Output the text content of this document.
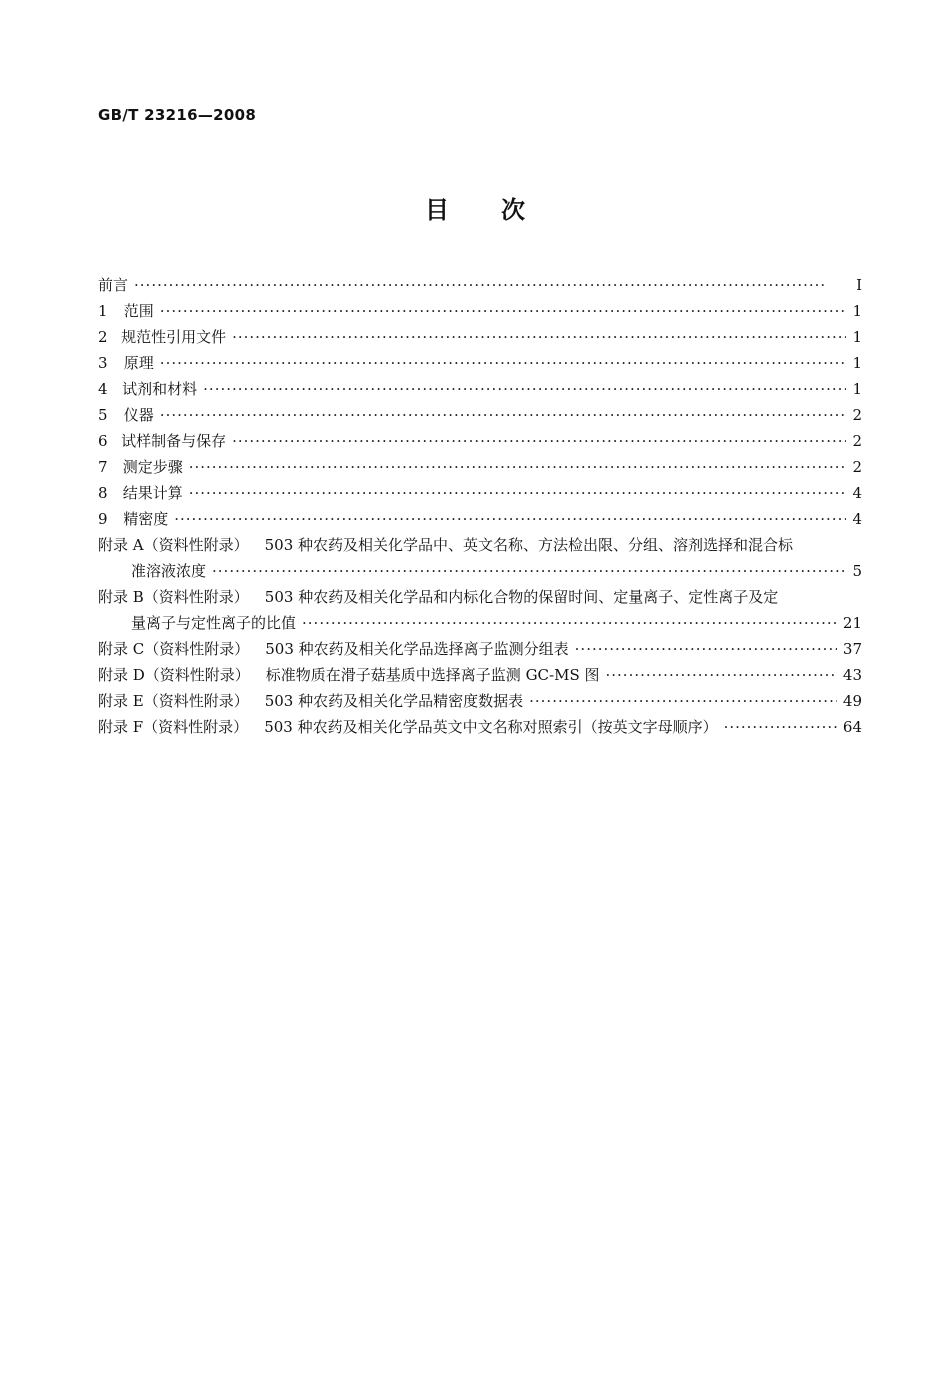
GB/T 23216—2008
目 次
前言 ·····	Ⅰ
1	范围 ·····	1
2 规范性引用文件 ·····	1
3	原理 ·····	1
4 试剂和材料 ·····	1
5	仪器 ·····	2
6 试样制备与保存 ·····	2
7	测定步骤 ·····	2
8	结果计算 ·····	4
9	精密度 ·····	4
附录 A（资料性附录） 503 种农药及相关化学品中、英文名称、方法检出限、分组、溶剂选择和混合标
准溶液浓度 ·····	5
附录 B（资料性附录） 503 种农药及相关化学品和内标化合物的保留时间、定量离子、定性离子及定
量离子与定性离子的比值 ·····	21
附录 C（资料性附录） 503 种农药及相关化学品选择离子监测分组表 ·····	37
附录 D（资料性附录） 标准物质在滑子菇基质中选择离子监测 GC-MS 图 ·····	43
附录 E（资料性附录） 503 种农药及相关化学品精密度数据表 ·····	49
附录 F（资料性附录） 503 种农药及相关化学品英文中文名称对照索引（按英文字母顺序） ·····	64
